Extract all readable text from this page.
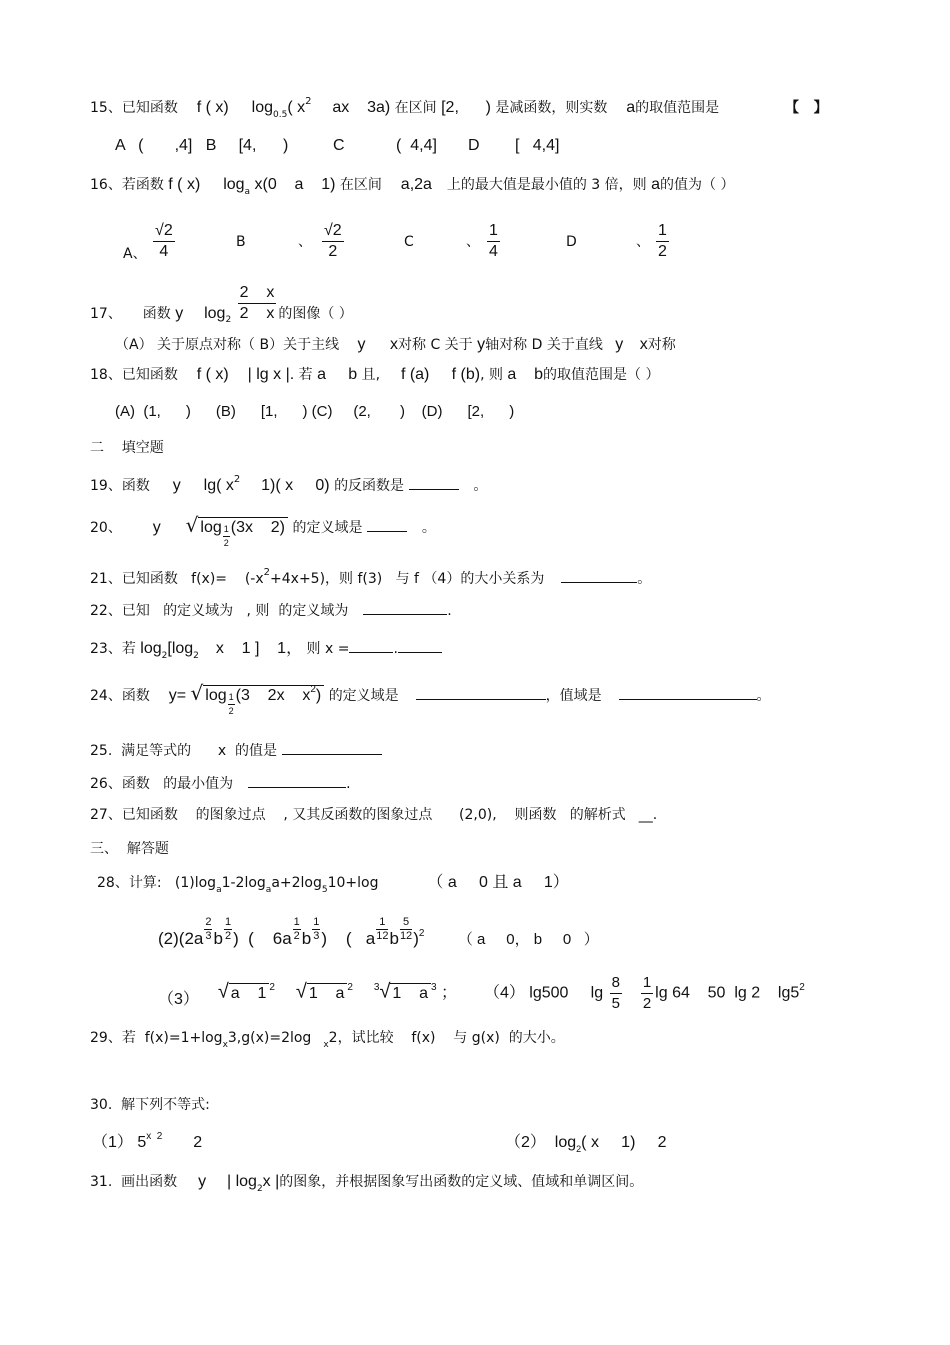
15、已知函数 f ( x) $\log_{0.5}$( $x^2$ ax    3a) 在区间 [2,      ) 是减函数，则实数 a的取值范围是	【   】
A   (       ,4]   B     [4,      )	C	(  4,4] D [   4,4]
16、若函数 f ( x) $\log_a x(0$    a    1) 在区间 a,2a 上的最大值是最小值的 3 倍，则 a的值为（ ）
A、 $\frac{√2}{4}$	B	、 $\frac{√2}{2}$	C	、 $\frac{1}{4}$	D	、 $\frac{1}{2}$
17、 函数 y $\log_2 \frac{2 x}{2 x}$ 的图像（ ）
（A） 关于原点对称（ B）关于主线 y x对称 C 关于 y轴对称 D 关于直线 y x对称
18、已知函数 f ( x) | lg x |. 若 a     b 且, f (a)     f (b), 则 a    b的取值范围是（ ）
(A)  (1,      )      (B)      [1,      ) (C)     (2,       )    (D)      [2,      )
二    填空题
19、函数 y lg( $x^2$ 1)( x     0) 的反函数是	。
20、 y √ $\log \frac{1}{2} (3x$    2) 的定义域是	。
21、已知函数   f(x)=    $(-x^2+4x+5)$，则 f(3)   与 f （4）的大小关系为	。
22、已知   的定义域为   , 则  的定义域为	.
23、若 $\log_2[\log_2$ x    1 ]    1， 则 x =	.
24、函数 y= √ $\log \frac{1}{2} (3$    2x    $x^2$) 的定义域是	，值域是	。
25.  满足等式的      x  的值是
26、函数   的最小值为	.
27、已知函数    的图象过点    , 又其反函数的图象过点      (2,0),    则函数   的解析式 __.
三、  解答题
28、计算:   $(1)\log_a1-2\log_aa+2\log_510+\log$	（ a     0 且 a     1）
$(2)(2a \frac{2}{3}$ b $\frac{1}{2}$ )  (    $6a \frac{1}{2}$ b $\frac{1}{3}$ )    (   a $\frac{1}{12}$ b $\frac{5}{12} )^2$ （ a     0， b     0   ）
（3） √ a    1 $^2$ √ 1    a $^2$ $^3$√ 1    a $^3$ ； （4） lg500     $\lg \frac{8}{5}$
$\frac{1}{2}$ lg 64    50  lg 2    $\lg 5^2$
29、若  $f(x)=1+\log_x3,g(x)=2\log$ $_x$2，试比较    f(x)    与 g(x)  的大小。
30.  解下列不等式:
（1） $5^{x 2}$ 2	（2）  $\log_2$( x     1)     2
31.  画出函数 y | $\log_2x$ |的图象，并根据图象写出函数的定义域、值域和单调区间。
